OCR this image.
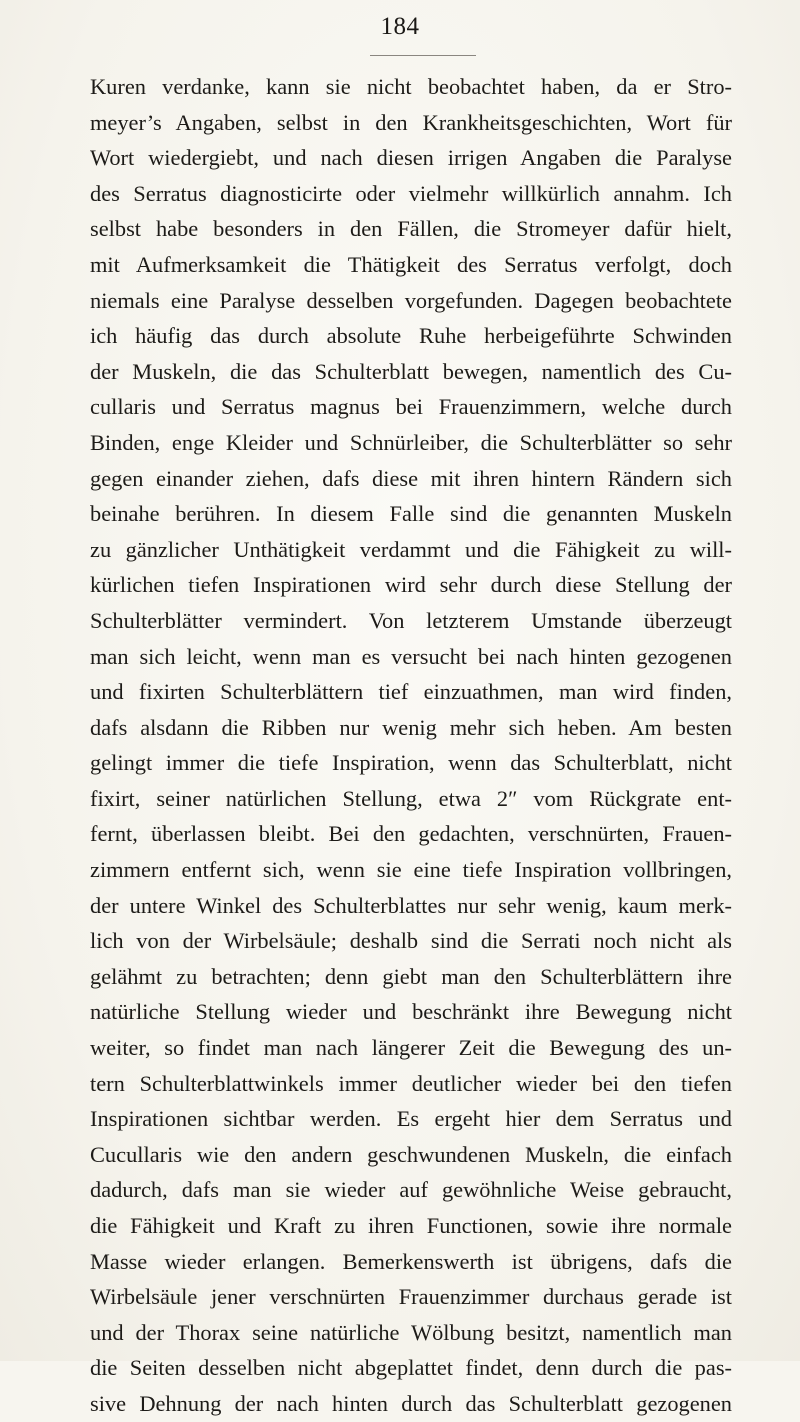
184
Kuren verdanke, kann sie nicht beobachtet haben, da er Stro-
meyer’s Angaben, selbst in den Krankheitsgeschichten, Wort für
Wort wiedergiebt, und nach diesen irrigen Angaben die Paralyse
des Serratus diagnosticirte oder vielmehr willkürlich annahm. Ich
selbst habe besonders in den Fällen, die Stromeyer dafür hielt,
mit Aufmerksamkeit die Thätigkeit des Serratus verfolgt, doch
niemals eine Paralyse desselben vorgefunden. Dagegen beobachtete
ich häufig das durch absolute Ruhe herbeigeführte Schwinden
der Muskeln, die das Schulterblatt bewegen, namentlich des Cu-
cullaris und Serratus magnus bei Frauenzimmern, welche durch
Binden, enge Kleider und Schnürleiber, die Schulterblätter so sehr
gegen einander ziehen, dafs diese mit ihren hintern Rändern sich
beinahe berühren. In diesem Falle sind die genannten Muskeln
zu gänzlicher Unthätigkeit verdammt und die Fähigkeit zu will-
kürlichen tiefen Inspirationen wird sehr durch diese Stellung der
Schulterblätter vermindert. Von letzterem Umstande überzeugt
man sich leicht, wenn man es versucht bei nach hinten gezogenen
und fixirten Schulterblättern tief einzuathmen, man wird finden,
dafs alsdann die Ribben nur wenig mehr sich heben. Am besten
gelingt immer die tiefe Inspiration, wenn das Schulterblatt, nicht
fixirt, seiner natürlichen Stellung, etwa 2″ vom Rückgrate ent-
fernt, überlassen bleibt. Bei den gedachten, verschnürten, Frauen-
zimmern entfernt sich, wenn sie eine tiefe Inspiration vollbringen,
der untere Winkel des Schulterblattes nur sehr wenig, kaum merk-
lich von der Wirbelsäule; deshalb sind die Serrati noch nicht als
gelähmt zu betrachten; denn giebt man den Schulterblättern ihre
natürliche Stellung wieder und beschränkt ihre Bewegung nicht
weiter, so findet man nach längerer Zeit die Bewegung des un-
tern Schulterblattwinkels immer deutlicher wieder bei den tiefen
Inspirationen sichtbar werden. Es ergeht hier dem Serratus und
Cucullaris wie den andern geschwundenen Muskeln, die einfach
dadurch, dafs man sie wieder auf gewöhnliche Weise gebraucht,
die Fähigkeit und Kraft zu ihren Functionen, sowie ihre normale
Masse wieder erlangen. Bemerkenswerth ist übrigens, dafs die
Wirbelsäule jener verschnürten Frauenzimmer durchaus gerade ist
und der Thorax seine natürliche Wölbung besitzt, namentlich man
die Seiten desselben nicht abgeplattet findet, denn durch die pas-
sive Dehnung der nach hinten durch das Schulterblatt gezogenen
